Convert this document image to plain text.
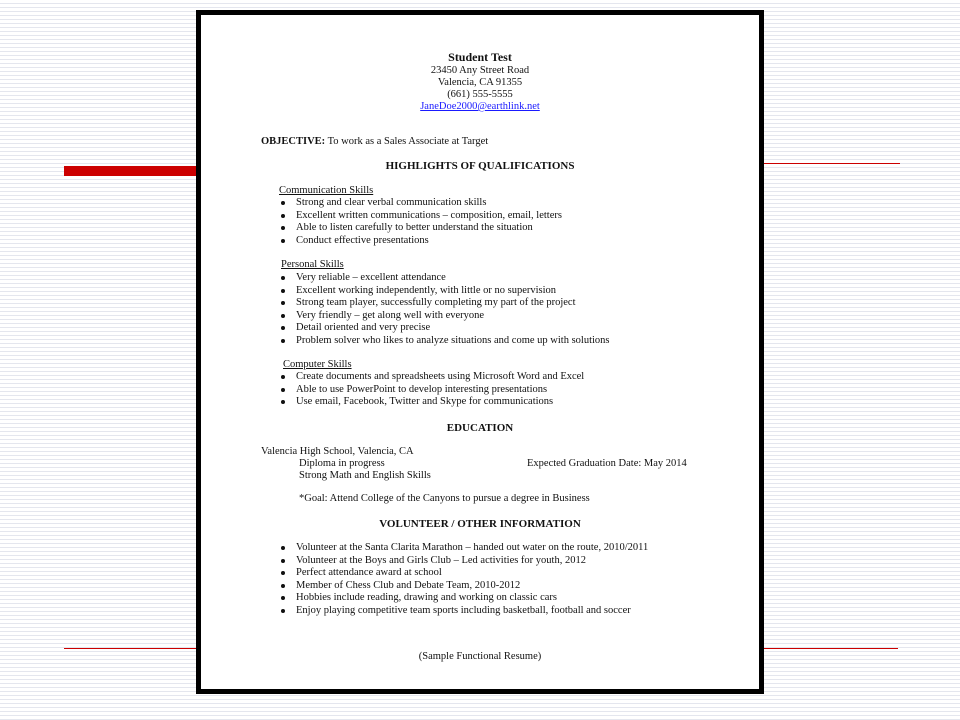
Student Test
23450 Any Street Road
Valencia, CA 91355
(661) 555-5555
JaneDoe2000@earthlink.net
OBJECTIVE: To work as a Sales Associate at Target
HIGHLIGHTS OF QUALIFICATIONS
Communication Skills
Strong and clear verbal communication skills
Excellent written communications – composition, email, letters
Able to listen carefully to better understand the situation
Conduct effective presentations
Personal Skills
Very reliable – excellent attendance
Excellent working independently, with little or no supervision
Strong team player, successfully completing my part of the project
Very friendly – get along well with everyone
Detail oriented and very precise
Problem solver who likes to analyze situations and come up with solutions
Computer Skills
Create documents and spreadsheets using Microsoft Word and Excel
Able to use PowerPoint to develop interesting presentations
Use email, Facebook, Twitter and Skype for communications
EDUCATION
Valencia High School, Valencia, CA
Diploma in progress	Expected Graduation Date: May 2014
Strong Math and English Skills
*Goal: Attend College of the Canyons to pursue a degree in Business
VOLUNTEER / OTHER INFORMATION
Volunteer at the Santa Clarita Marathon – handed out water on the route, 2010/2011
Volunteer at the Boys and Girls Club – Led activities for youth, 2012
Perfect attendance award at school
Member of Chess Club and Debate Team, 2010-2012
Hobbies include reading, drawing and working on classic cars
Enjoy playing competitive team sports including basketball, football and soccer
(Sample Functional Resume)
